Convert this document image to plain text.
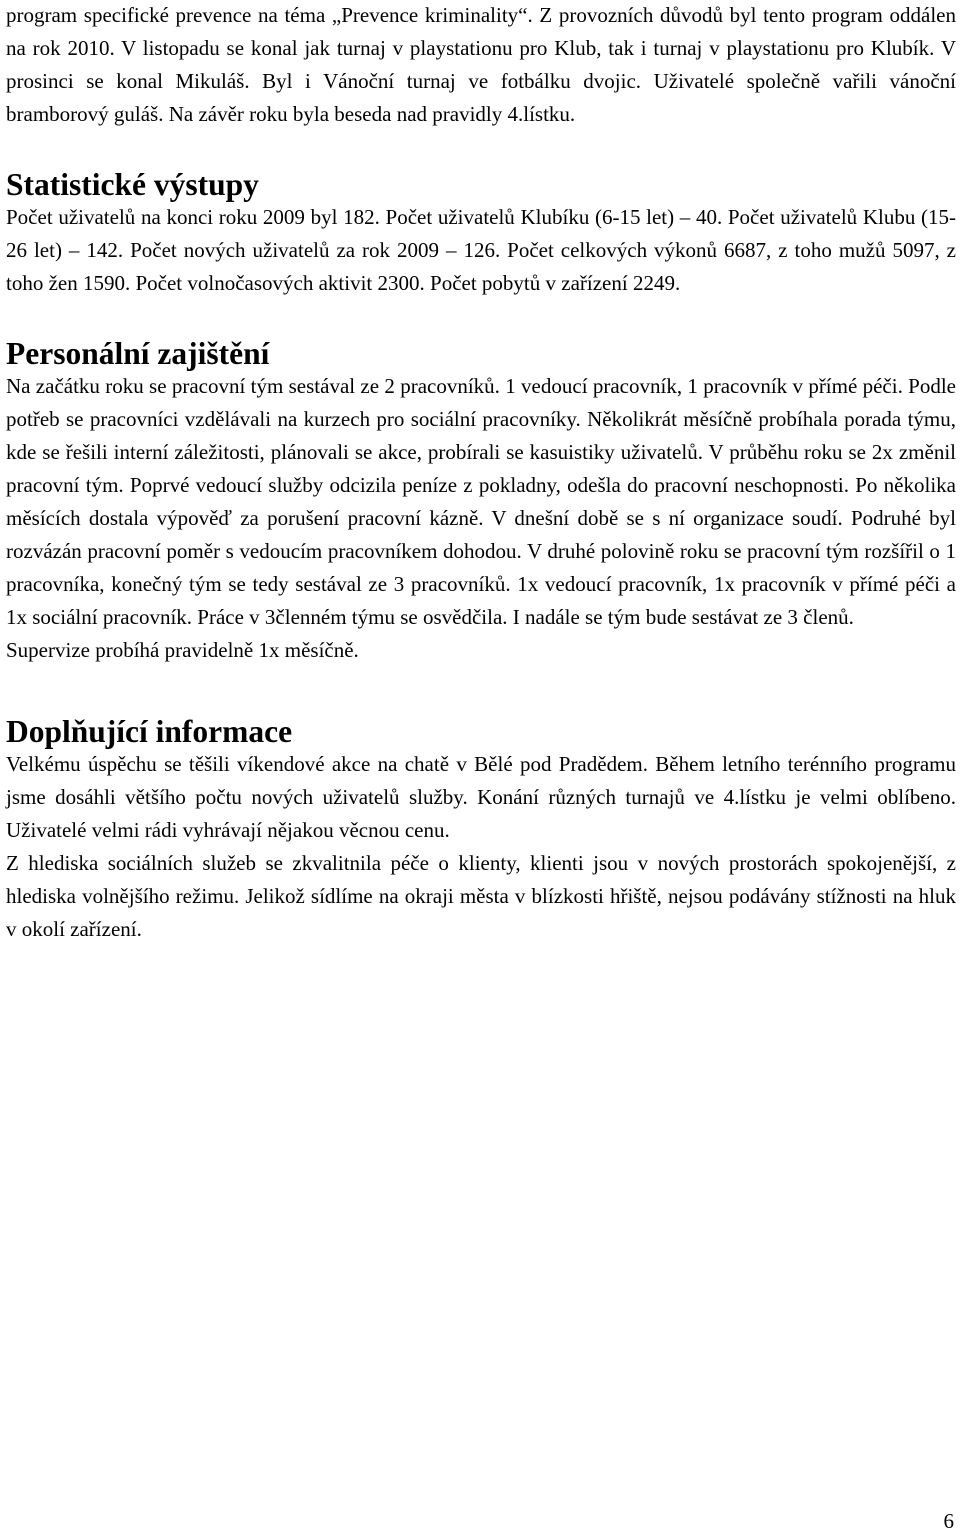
program specifické prevence na téma „Prevence kriminality“. Z provozních důvodů byl tento program oddálen na rok 2010. V listopadu se konal jak turnaj v playstationu pro Klub, tak i turnaj v playstationu pro Klubík. V prosinci se konal Mikuláš. Byl i Vánoční turnaj ve fotbálku dvojic. Uživatelé společně vařili vánoční bramborový guláš. Na závěr roku byla beseda nad pravidly 4.lístku.

Statistické výstupy

Počet uživatelů na konci roku 2009 byl 182. Počet uživatelů Klubíku (6-15 let) – 40. Počet uživatelů Klubu (15-26 let) – 142. Počet nových uživatelů za rok 2009 – 126. Počet celkových výkonů 6687, z toho mužů 5097, z toho žen 1590. Počet volnočasových aktivit 2300. Počet pobytů v zařízení 2249.

Personální zajištění

Na začátku roku se pracovní tým sestával ze 2 pracovníků. 1 vedoucí pracovník, 1 pracovník v přímé péči. Podle potřeb se pracovníci vzdělávali na kurzech pro sociální pracovníky. Několikrát měsíčně probíhala porada týmu, kde se řešili interní záležitosti, plánovali se akce, probírali se kasuistiky uživatelů. V průběhu roku se 2x změnil pracovní tým. Poprvé vedoucí služby odcizila peníze z pokladny, odešla do pracovní neschopnosti. Po několika měsících dostala výpověď za porušení pracovní kázně. V dnešní době se s ní organizace soudí. Podruhé byl rozvázán pracovní poměr s vedoucím pracovníkem dohodou. V druhé polovině roku se pracovní tým rozšířil o 1 pracovníka, konečný tým se tedy sestával ze 3 pracovníků. 1x vedoucí pracovník, 1x pracovník v přímé péči a 1x sociální pracovník. Práce v 3členném týmu se osvědčila. I nadále se tým bude sestávat ze 3 členů.

Supervize probíhá pravidelně 1x měsíčně.

Doplňující informace

Velkému úspěchu se těšili víkendové akce na chatě v Bělé pod Pradědem. Během letního terénního programu jsme dosáhli většího počtu nových uživatelů služby. Konání různých turnajů ve 4.lístku je velmi oblíbeno. Uživatelé velmi rádi vyhrávají nějakou věcnou cenu.

Z hlediska sociálních služeb se zkvalitnila péče o klienty, klienti jsou v nových prostorách spokojenější, z hlediska volnějšího režimu. Jelikož sídlíme na okraji města v blízkosti hřiště, nejsou podávány stížnosti na hluk v okolí zařízení.

6
